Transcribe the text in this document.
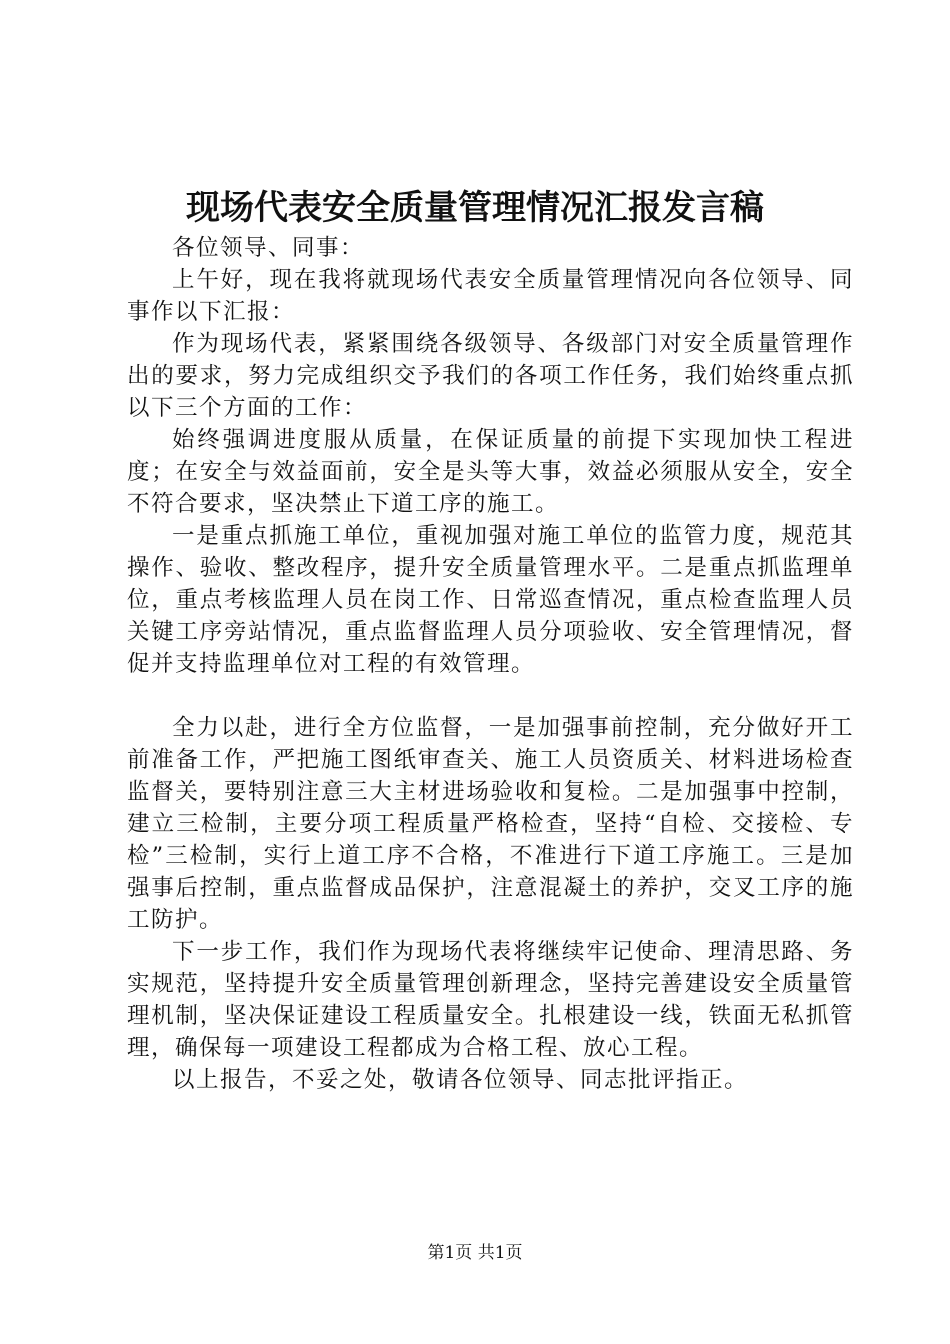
现场代表安全质量管理情况汇报发言稿

各位领导、同事：

上午好，现在我将就现场代表安全质量管理情况向各位领导、同事作以下汇报：

作为现场代表，紧紧围绕各级领导、各级部门对安全质量管理作出的要求，努力完成组织交予我们的各项工作任务，我们始终重点抓以下三个方面的工作：

始终强调进度服从质量，在保证质量的前提下实现加快工程进度；在安全与效益面前，安全是头等大事，效益必须服从安全，安全不符合要求，坚决禁止下道工序的施工。

一是重点抓施工单位，重视加强对施工单位的监管力度，规范其操作、验收、整改程序，提升安全质量管理水平。二是重点抓监理单位，重点考核监理人员在岗工作、日常巡查情况，重点检查监理人员关键工序旁站情况，重点监督监理人员分项验收、安全管理情况，督促并支持监理单位对工程的有效管理。

全力以赴，进行全方位监督，一是加强事前控制，充分做好开工前准备工作，严把施工图纸审查关、施工人员资质关、材料进场检查监督关，要特别注意三大主材进场验收和复检。二是加强事中控制，建立三检制，主要分项工程质量严格检查，坚持“自检、交接检、专检”三检制，实行上道工序不合格，不准进行下道工序施工。三是加强事后控制，重点监督成品保护，注意混凝土的养护，交叉工序的施工防护。

下一步工作，我们作为现场代表将继续牢记使命、理清思路、务实规范，坚持提升安全质量管理创新理念，坚持完善建设安全质量管理机制，坚决保证建设工程质量安全。扎根建设一线，铁面无私抓管理，确保每一项建设工程都成为合格工程、放心工程。

以上报告，不妥之处，敬请各位领导、同志批评指正。

第1页 共1页
